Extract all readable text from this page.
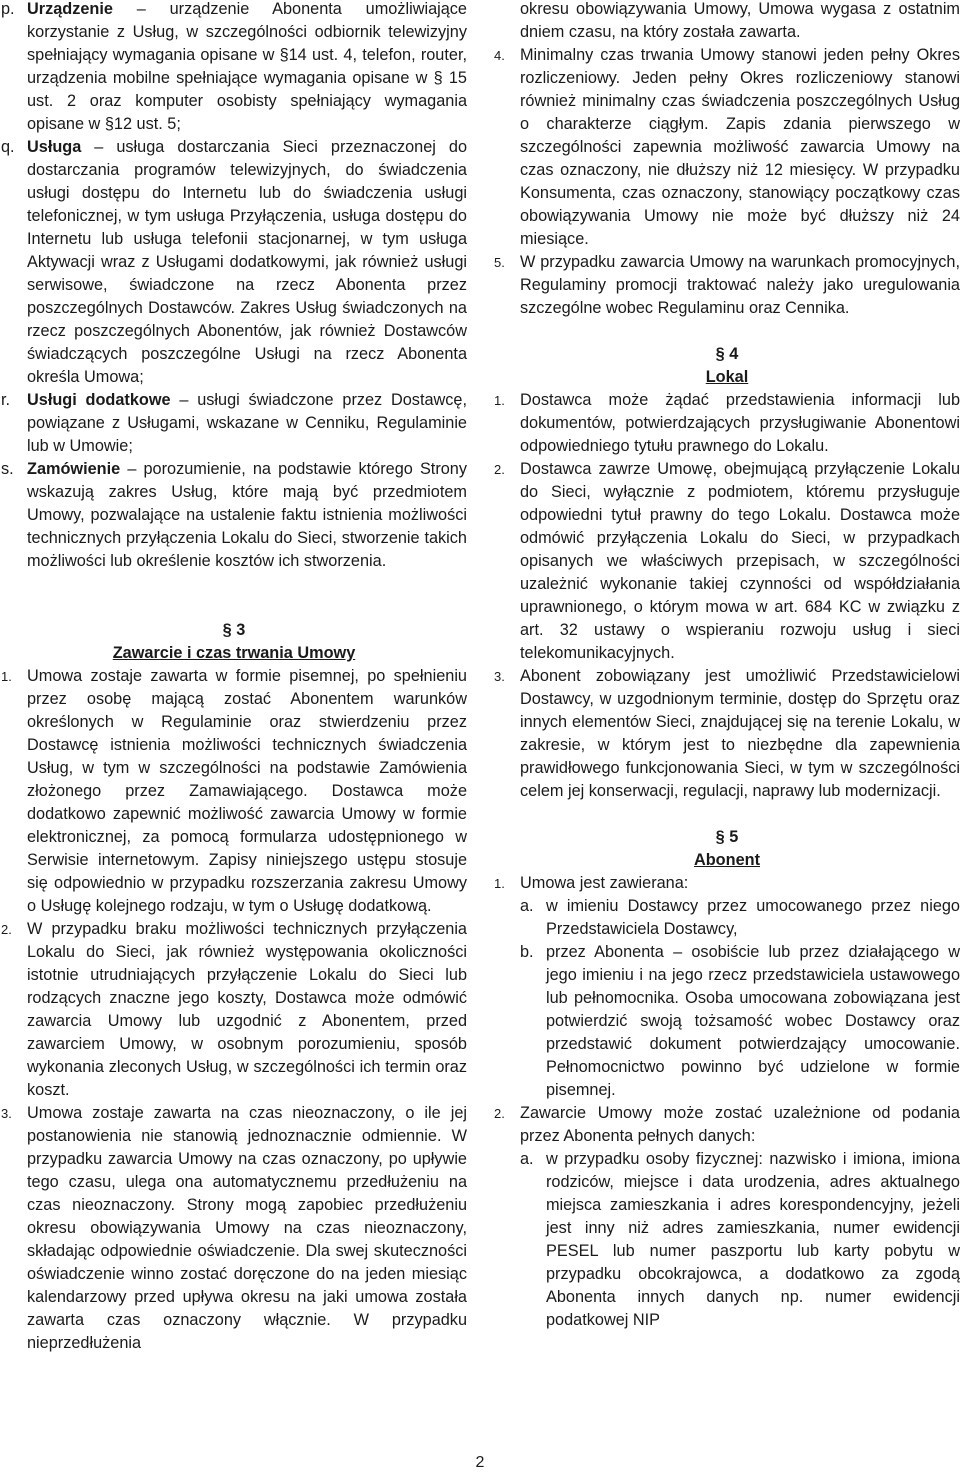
p. Urządzenie – urządzenie Abonenta umożliwiające korzystanie z Usług, w szczególności odbiornik telewizyjny spełniający wymagania opisane w §14 ust. 4, telefon, router, urządzenia mobilne spełniające wymagania opisane w § 15 ust. 2 oraz komputer osobisty spełniający wymagania opisane w §12 ust. 5;
q. Usługa – usługa dostarczania Sieci przeznaczonej do dostarczania programów telewizyjnych, do świadczenia usługi dostępu do Internetu lub do świadczenia usługi telefonicznej, w tym usługa Przyłączenia, usługa dostępu do Internetu lub usługa telefonii stacjonarnej, w tym usługa Aktywacji wraz z Usługami dodatkowymi, jak również usługi serwisowe, świadczone na rzecz Abonenta przez poszczególnych Dostawców. Zakres Usług świadczonych na rzecz poszczególnych Abonentów, jak również Dostawców świadczących poszczególne Usługi na rzecz Abonenta określa Umowa;
r.	Usługi dodatkowe – usługi świadczone przez Dostawcę, powiązane z Usługami, wskazane w Cenniku, Regulaminie lub w Umowie;
s. Zamówienie – porozumienie, na podstawie którego Strony wskazują zakres Usług, które mają być przedmiotem Umowy, pozwalające na ustalenie faktu istnienia możliwości technicznych przyłączenia Lokalu do Sieci, stworzenie takich możliwości lub określenie kosztów ich stworzenia.
§ 3
Zawarcie i czas trwania Umowy
1. Umowa zostaje zawarta w formie pisemnej, po spełnieniu przez osobę mającą zostać Abonentem warunków określonych w Regulaminie oraz stwierdzeniu przez Dostawcę istnienia możliwości technicznych świadczenia Usług, w tym w szczególności na podstawie Zamówienia złożonego przez Zamawiającego. Dostawca może dodatkowo zapewnić możliwość zawarcia Umowy w formie elektronicznej, za pomocą formularza udostępnionego w Serwisie internetowym. Zapisy niniejszego ustępu stosuje się odpowiednio w przypadku rozszerzania zakresu Umowy o Usługę kolejnego rodzaju, w tym o Usługę dodatkową.
2. W przypadku braku możliwości technicznych przyłączenia Lokalu do Sieci, jak również występowania okoliczności istotnie utrudniających przyłączenie Lokalu do Sieci lub rodzących znaczne jego koszty, Dostawca może odmówić zawarcia Umowy lub uzgodnić z Abonentem, przed zawarciem Umowy, w osobnym porozumieniu, sposób wykonania zleconych Usług, w szczególności ich termin oraz koszt.
3. Umowa zostaje zawarta na czas nieoznaczony, o ile jej postanowienia nie stanowią jednoznacznie odmiennie. W przypadku zawarcia Umowy na czas oznaczony, po upływie tego czasu, ulega ona automatycznemu przedłużeniu na czas nieoznaczony. Strony mogą zapobiec przedłużeniu okresu obowiązywania Umowy na czas nieoznaczony, składając odpowiednie oświadczenie. Dla swej skuteczności oświadczenie winno zostać doręczone do na jeden miesiąc kalendarzowy przed upływa okresu na jaki umowa została zawarta czas oznaczony włącznie. W przypadku nieprzedłużenia
okresu obowiązywania Umowy, Umowa wygasa z ostatnim dniem czasu, na który została zawarta.
4. Minimalny czas trwania Umowy stanowi jeden pełny Okres rozliczeniowy. Jeden pełny Okres rozliczeniowy stanowi również minimalny czas świadczenia poszczególnych Usług o charakterze ciągłym. Zapis zdania pierwszego w szczególności zapewnia możliwość zawarcia Umowy na czas oznaczony, nie dłuższy niż 12 miesięcy. W przypadku Konsumenta, czas oznaczony, stanowiący początkowy czas obowiązywania Umowy nie może być dłuższy niż 24 miesiące.
5. W przypadku zawarcia Umowy na warunkach promocyjnych, Regulaminy promocji traktować należy jako uregulowania szczególne wobec Regulaminu oraz Cennika.
§ 4
Lokal
1. Dostawca może żądać przedstawienia informacji lub dokumentów, potwierdzających przysługiwanie Abonentowi odpowiedniego tytułu prawnego do Lokalu.
2. Dostawca zawrze Umowę, obejmującą przyłączenie Lokalu do Sieci, wyłącznie z podmiotem, któremu przysługuje odpowiedni tytuł prawny do tego Lokalu. Dostawca może odmówić przyłączenia Lokalu do Sieci, w przypadkach opisanych we właściwych przepisach, w szczególności uzależnić wykonanie takiej czynności od współdziałania uprawnionego, o którym mowa w art. 684 KC w związku z art. 32 ustawy o wspieraniu rozwoju usług i sieci telekomunikacyjnych.
3. Abonent zobowiązany jest umożliwić Przedstawicielowi Dostawcy, w uzgodnionym terminie, dostęp do Sprzętu oraz innych elementów Sieci, znajdującej się na terenie Lokalu, w zakresie, w którym jest to niezbędne dla zapewnienia prawidłowego funkcjonowania Sieci, w tym w szczególności celem jej konserwacji, regulacji, naprawy lub modernizacji.
§ 5
Abonent
1. Umowa jest zawierana:
a. w imieniu Dostawcy przez umocowanego przez niego Przedstawiciela Dostawcy,
b. przez Abonenta – osobiście lub przez działającego w jego imieniu i na jego rzecz przedstawiciela ustawowego lub pełnomocnika. Osoba umocowana zobowiązana jest potwierdzić swoją tożsamość wobec Dostawcy oraz przedstawić dokument potwierdzający umocowanie. Pełnomocnictwo powinno być udzielone w formie pisemnej.
2. Zawarcie Umowy może zostać uzależnione od podania przez Abonenta pełnych danych:
a. w przypadku osoby fizycznej: nazwisko i imiona, imiona rodziców, miejsce i data urodzenia, adres aktualnego miejsca zamieszkania i adres korespondencyjny, jeżeli jest inny niż adres zamieszkania, numer ewidencji PESEL lub numer paszportu lub karty pobytu w przypadku obcokrajowca, a dodatkowo za zgodą Abonenta innych danych np. numer ewidencji podatkowej NIP
2
